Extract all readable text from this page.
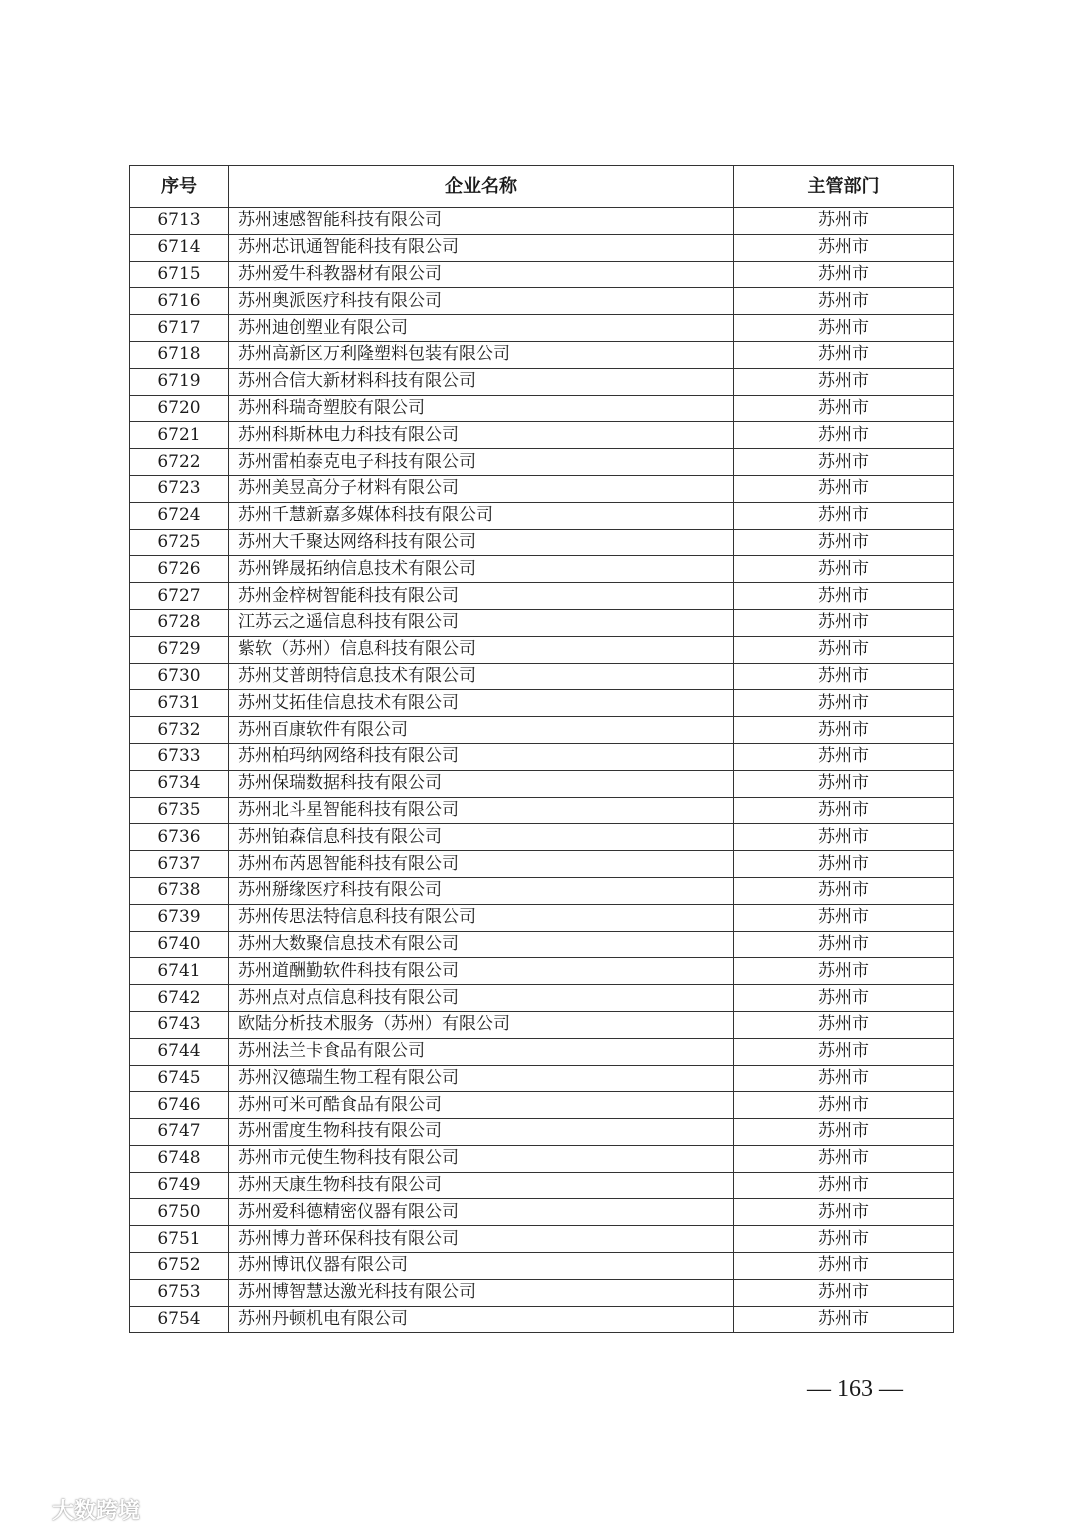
序号	企业名称	主管部门
6713	苏州速感智能科技有限公司	苏州市
6714	苏州芯讯通智能科技有限公司	苏州市
6715	苏州爱牛科教器材有限公司	苏州市
6716	苏州奥派医疗科技有限公司	苏州市
6717	苏州迪创塑业有限公司	苏州市
6718	苏州高新区万利隆塑料包装有限公司	苏州市
6719	苏州合信大新材料科技有限公司	苏州市
6720	苏州科瑞奇塑胶有限公司	苏州市
6721	苏州科斯林电力科技有限公司	苏州市
6722	苏州雷柏泰克电子科技有限公司	苏州市
6723	苏州美昱高分子材料有限公司	苏州市
6724	苏州千慧新嘉多媒体科技有限公司	苏州市
6725	苏州大千聚达网络科技有限公司	苏州市
6726	苏州铧晟拓纳信息技术有限公司	苏州市
6727	苏州金梓树智能科技有限公司	苏州市
6728	江苏云之遥信息科技有限公司	苏州市
6729	紫软（苏州）信息科技有限公司	苏州市
6730	苏州艾普朗特信息技术有限公司	苏州市
6731	苏州艾拓佳信息技术有限公司	苏州市
6732	苏州百康软件有限公司	苏州市
6733	苏州柏玛纳网络科技有限公司	苏州市
6734	苏州保瑞数据科技有限公司	苏州市
6735	苏州北斗星智能科技有限公司	苏州市
6736	苏州铂森信息科技有限公司	苏州市
6737	苏州布芮恩智能科技有限公司	苏州市
6738	苏州掰缘医疗科技有限公司	苏州市
6739	苏州传思法特信息科技有限公司	苏州市
6740	苏州大数聚信息技术有限公司	苏州市
6741	苏州道酬勤软件科技有限公司	苏州市
6742	苏州点对点信息科技有限公司	苏州市
6743	欧陆分析技术服务（苏州）有限公司	苏州市
6744	苏州法兰卡食品有限公司	苏州市
6745	苏州汉德瑞生物工程有限公司	苏州市
6746	苏州可米可酷食品有限公司	苏州市
6747	苏州雷度生物科技有限公司	苏州市
6748	苏州市元使生物科技有限公司	苏州市
6749	苏州天康生物科技有限公司	苏州市
6750	苏州爱科德精密仪器有限公司	苏州市
6751	苏州博力普环保科技有限公司	苏州市
6752	苏州博讯仪器有限公司	苏州市
6753	苏州博智慧达激光科技有限公司	苏州市
6754	苏州丹顿机电有限公司	苏州市
— 163 —
大数跨境
